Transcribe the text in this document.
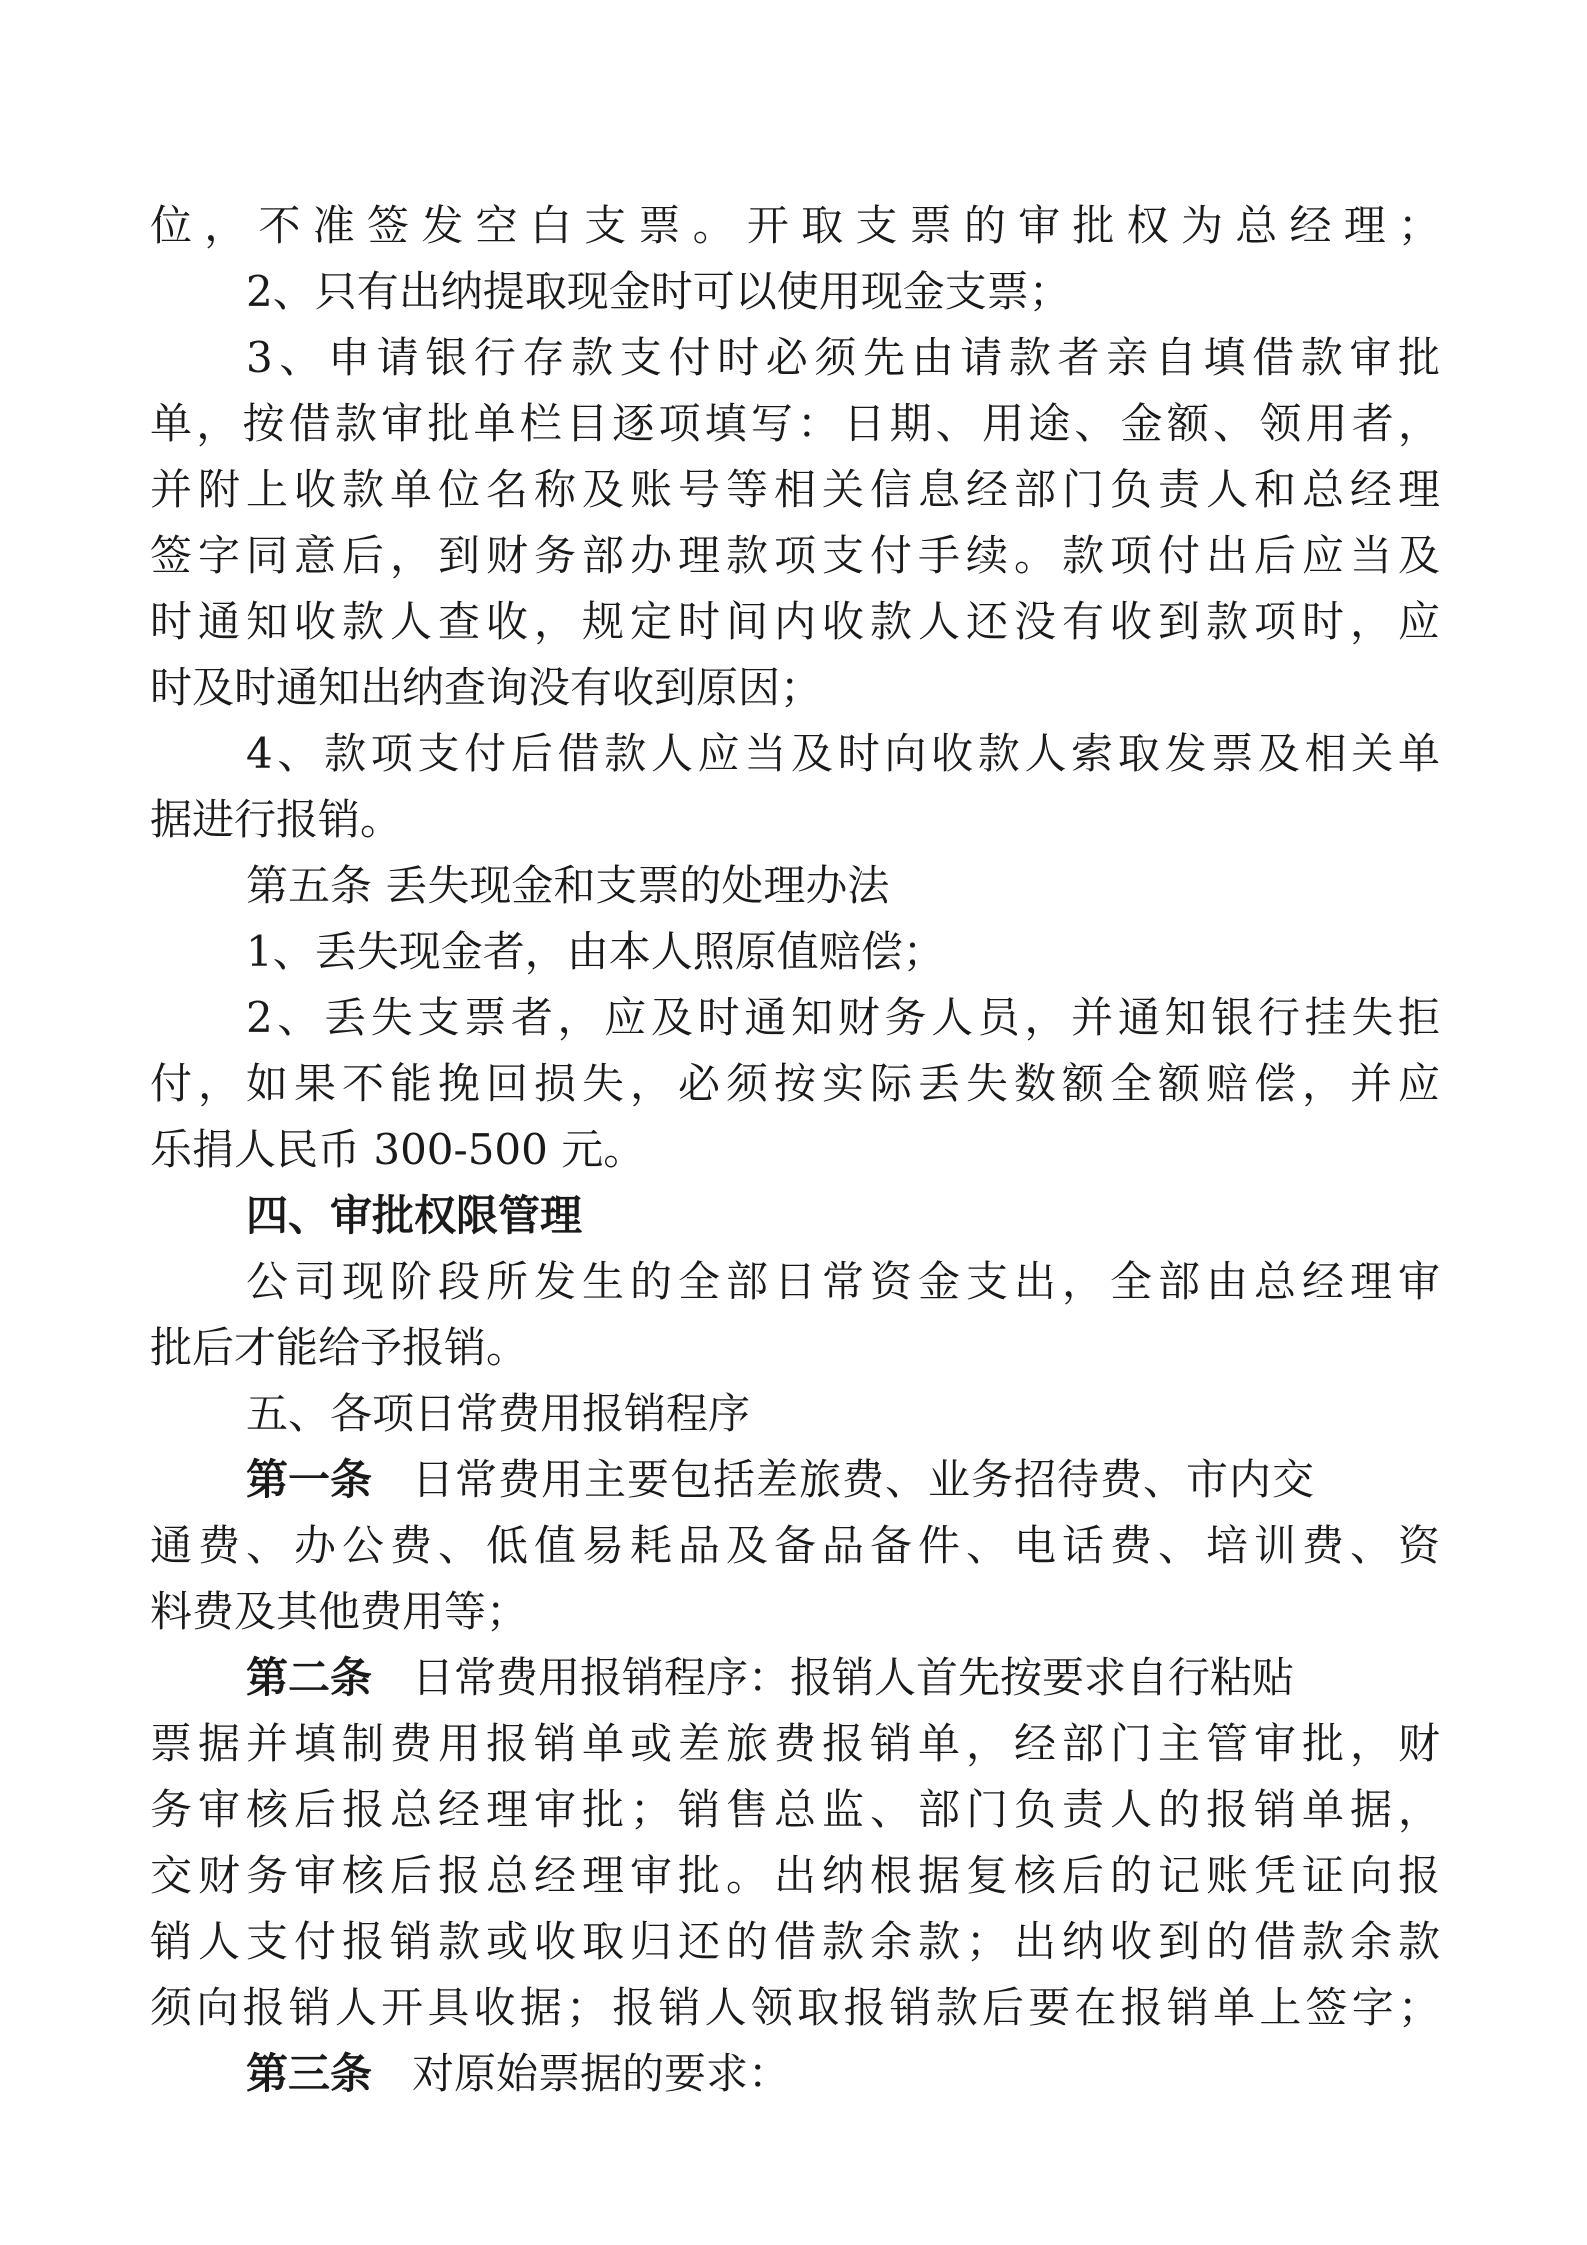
位，不准签发空白支票。开取支票的审批权为总经理；
2、只有出纳提取现金时可以使用现金支票；
3、申请银行存款支付时必须先由请款者亲自填借款审批
单，按借款审批单栏目逐项填写：日期、用途、金额、领用者，
并附上收款单位名称及账号等相关信息经部门负责人和总经理
签字同意后，到财务部办理款项支付手续。款项付出后应当及
时通知收款人查收，规定时间内收款人还没有收到款项时，应
时及时通知出纳查询没有收到原因；
4、款项支付后借款人应当及时向收款人索取发票及相关单
据进行报销。
第五条 丢失现金和支票的处理办法
1、丢失现金者，由本人照原值赔偿；
2、丢失支票者，应及时通知财务人员，并通知银行挂失拒
付，如果不能挽回损失，必须按实际丢失数额全额赔偿，并应
乐捐人民币 300-500 元。
四、审批权限管理
公司现阶段所发生的全部日常资金支出，全部由总经理审
批后才能给予报销。
五、各项日常费用报销程序
第一条 日常费用主要包括差旅费、业务招待费、市内交
通费、办公费、低值易耗品及备品备件、电话费、培训费、资
料费及其他费用等；
第二条 日常费用报销程序：报销人首先按要求自行粘贴
票据并填制费用报销单或差旅费报销单，经部门主管审批，财
务审核后报总经理审批；销售总监、部门负责人的报销单据，
交财务审核后报总经理审批。出纳根据复核后的记账凭证向报
销人支付报销款或收取归还的借款余款；出纳收到的借款余款
须向报销人开具收据；报销人领取报销款后要在报销单上签字；
第三条 对原始票据的要求：
